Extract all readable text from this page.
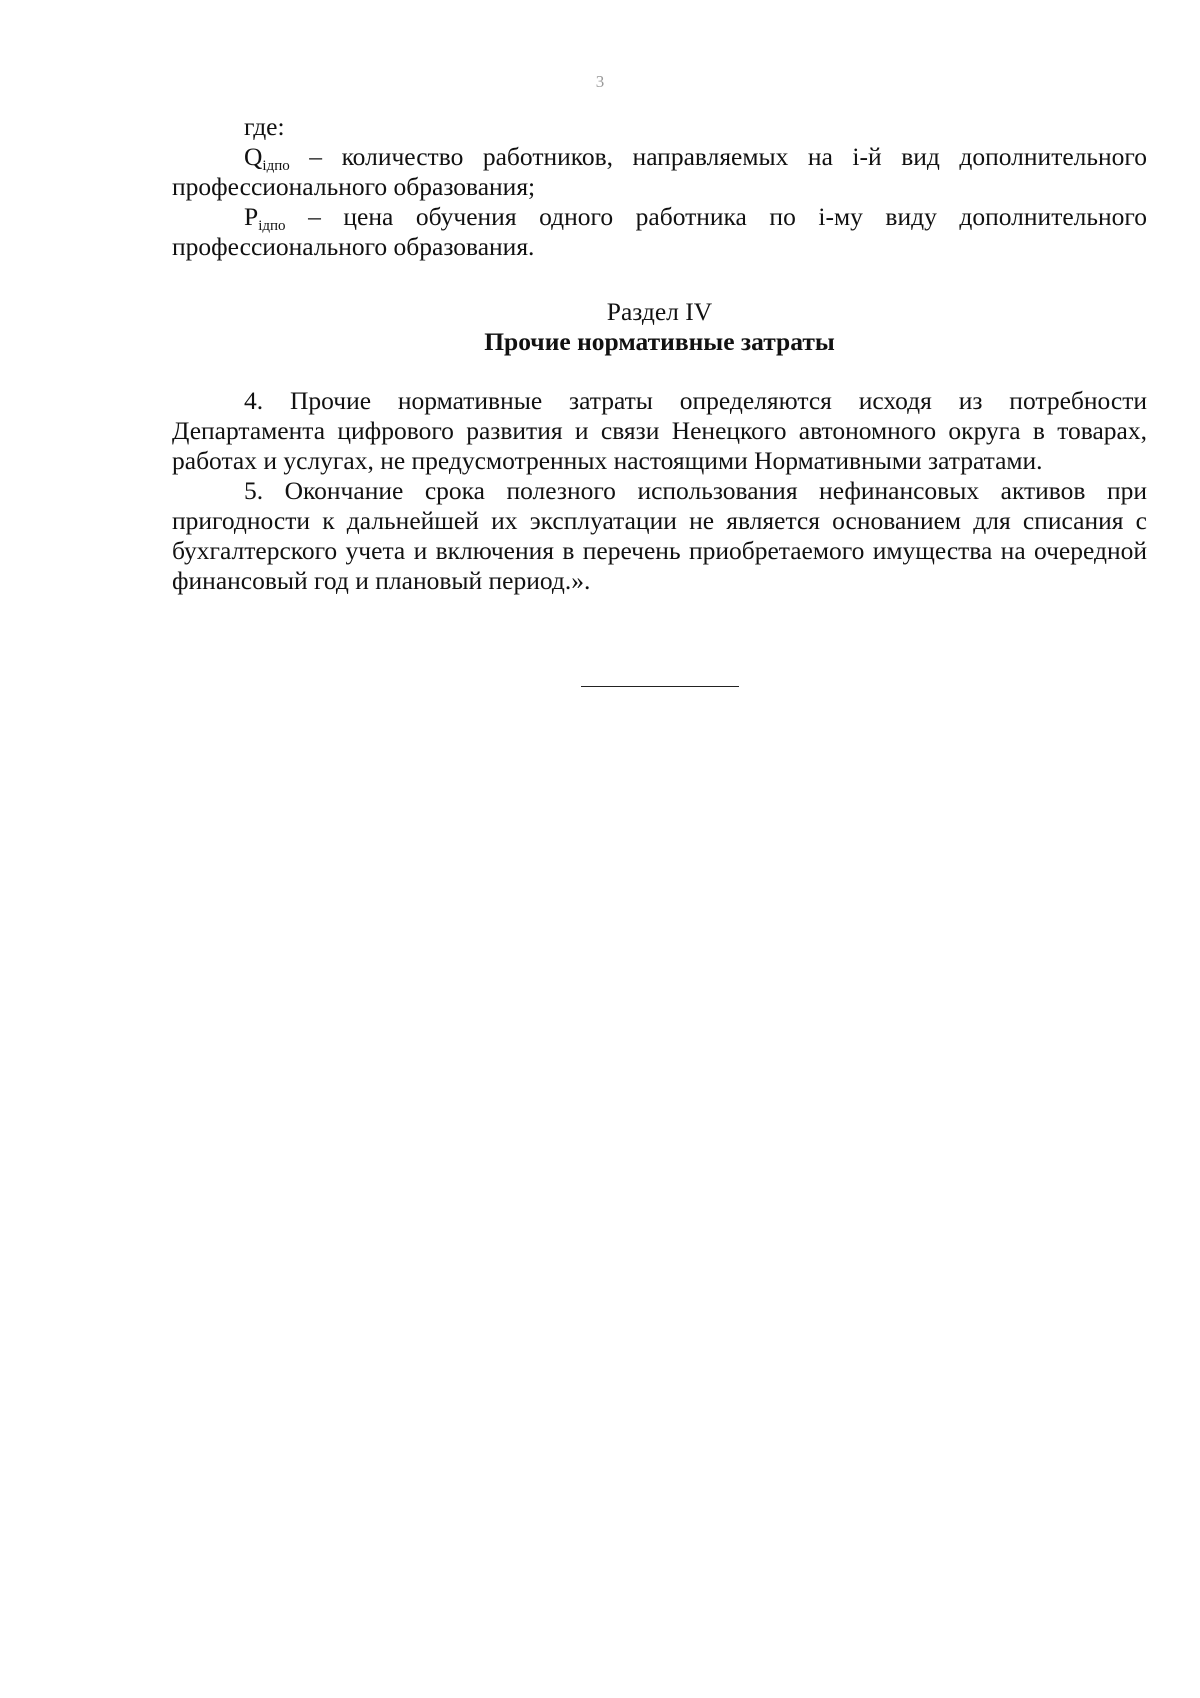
3

где:

Qiдпо – количество работников, направляемых на i-й вид дополнительного профессионального образования;

Piдпо – цена обучения одного работника по i-му виду дополнительного профессионального образования.

Раздел IV

Прочие нормативные затраты

4. Прочие нормативные затраты определяются исходя из потребности Департамента цифрового развития и связи Ненецкого автономного округа в товарах, работах и услугах, не предусмотренных настоящими Нормативными затратами.

5. Окончание срока полезного использования нефинансовых активов при пригодности к дальнейшей их эксплуатации не является основанием для списания с бухгалтерского учета и включения в перечень приобретаемого имущества на очередной финансовый год и плановый период.».
